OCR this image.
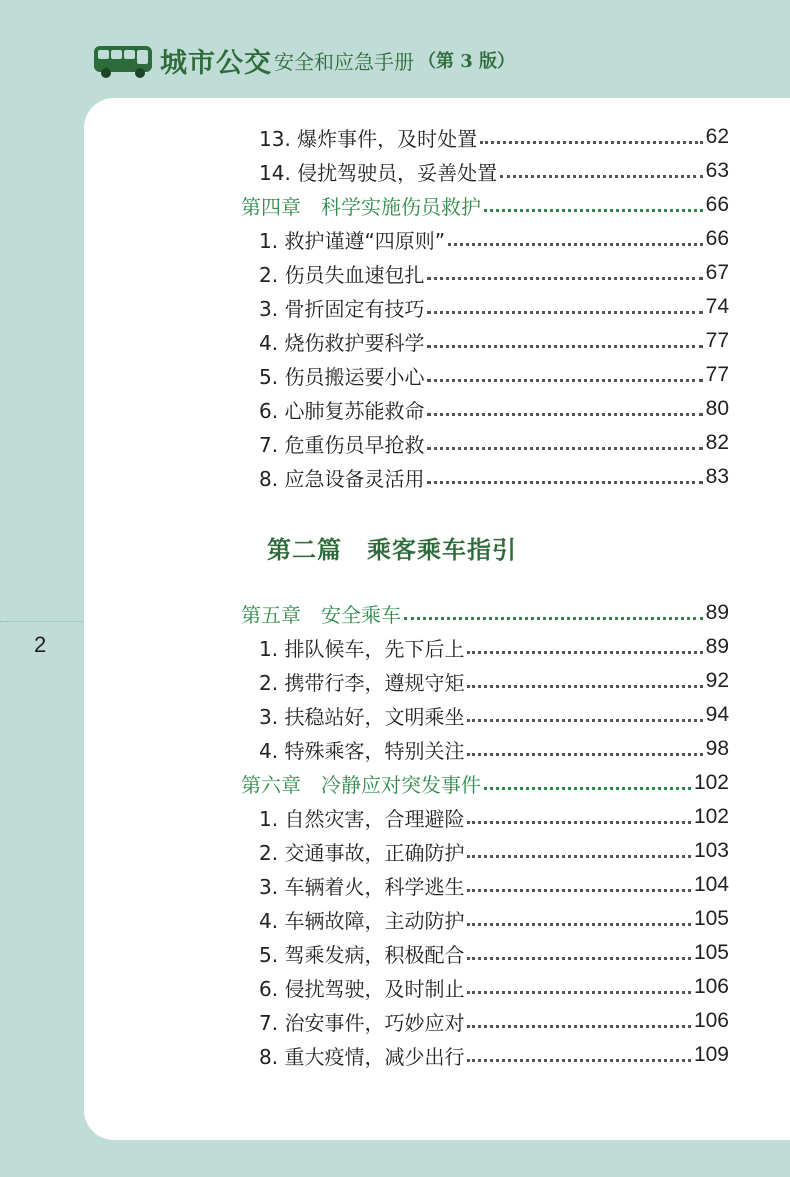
城市公交 安全和应急手册 （第 3 版）
2
第二篇　乘客乘车指引
13. 爆炸事件，及时处置	62
14. 侵扰驾驶员，妥善处置	63
第四章　科学实施伤员救护	66
1. 救护谨遵“四原则”	66
2. 伤员失血速包扎	67
3. 骨折固定有技巧	74
4. 烧伤救护要科学	77
5. 伤员搬运要小心	77
6. 心肺复苏能救命	80
7. 危重伤员早抢救	82
8. 应急设备灵活用	83
第五章　安全乘车	89
1. 排队候车，先下后上	89
2. 携带行李，遵规守矩	92
3. 扶稳站好，文明乘坐	94
4. 特殊乘客，特别关注	98
第六章　冷静应对突发事件	102
1. 自然灾害，合理避险	102
2. 交通事故，正确防护	103
3. 车辆着火，科学逃生	104
4. 车辆故障，主动防护	105
5. 驾乘发病，积极配合	105
6. 侵扰驾驶，及时制止	106
7. 治安事件，巧妙应对	106
8. 重大疫情，减少出行	109
